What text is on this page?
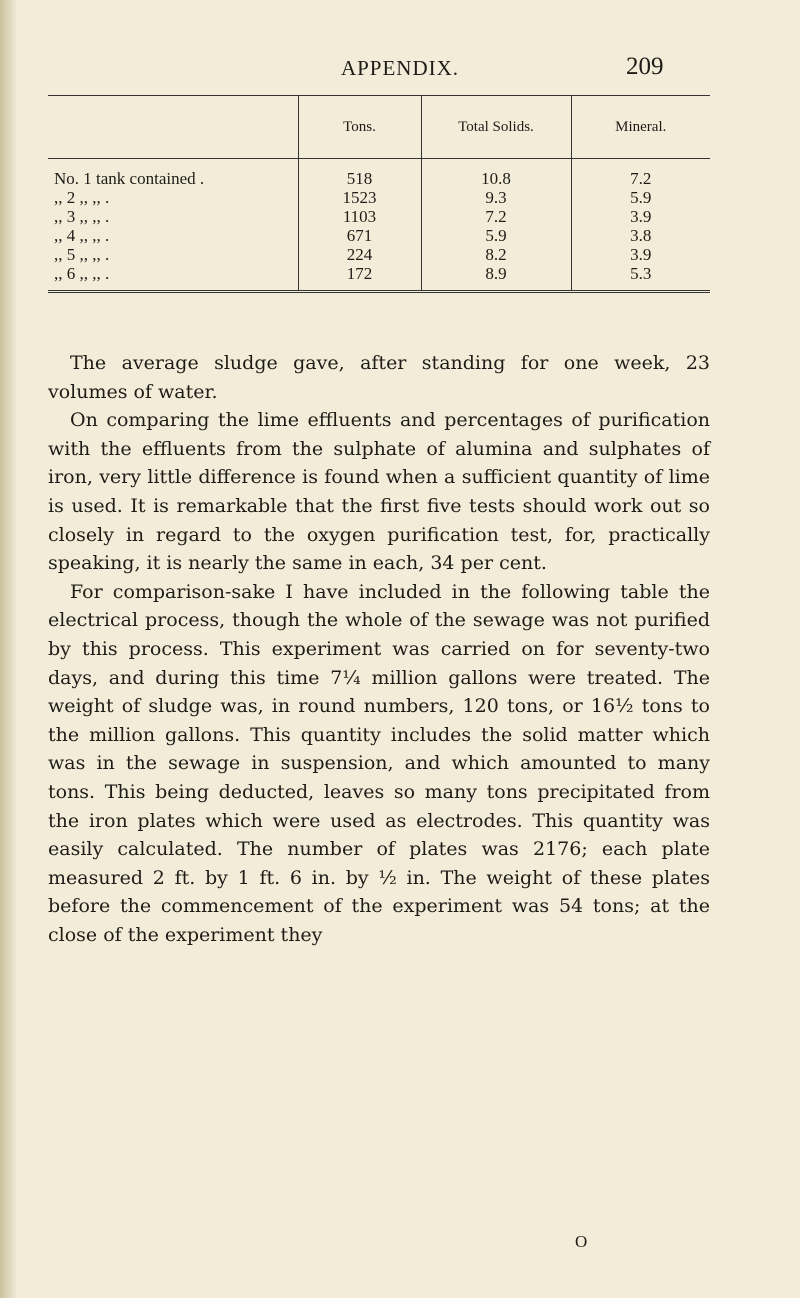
APPENDIX.	209
	Tons.	Total Solids.	Mineral.
No. 1 tank contained .	518	10.8	7.2
,, 2 ,, ,, .	1523	9.3	5.9
,, 3 ,, ,, .	1103	7.2	3.9
,, 4 ,, ,, .	671	5.9	3.8
,, 5 ,, ,, .	224	8.2	3.9
,, 6 ,, ,, .	172	8.9	5.3

The average sludge gave, after standing for one week, 23 volumes of water.

On comparing the lime effluents and percentages of purification with the effluents from the sulphate of alumina and sulphates of iron, very little difference is found when a sufficient quantity of lime is used. It is remarkable that the first five tests should work out so closely in regard to the oxygen purification test, for, practically speaking, it is nearly the same in each, 34 per cent.

For comparison-sake I have included in the following table the electrical process, though the whole of the sewage was not purified by this process. This experiment was carried on for seventy-two days, and during this time 7¼ million gallons were treated. The weight of sludge was, in round numbers, 120 tons, or 16½ tons to the million gallons. This quantity includes the solid matter which was in the sewage in suspension, and which amounted to many tons. This being deducted, leaves so many tons precipitated from the iron plates which were used as electrodes. This quantity was easily calculated. The number of plates was 2176; each plate measured 2 ft. by 1 ft. 6 in. by ½ in. The weight of these plates before the commencement of the experiment was 54 tons; at the close of the experiment they

O
